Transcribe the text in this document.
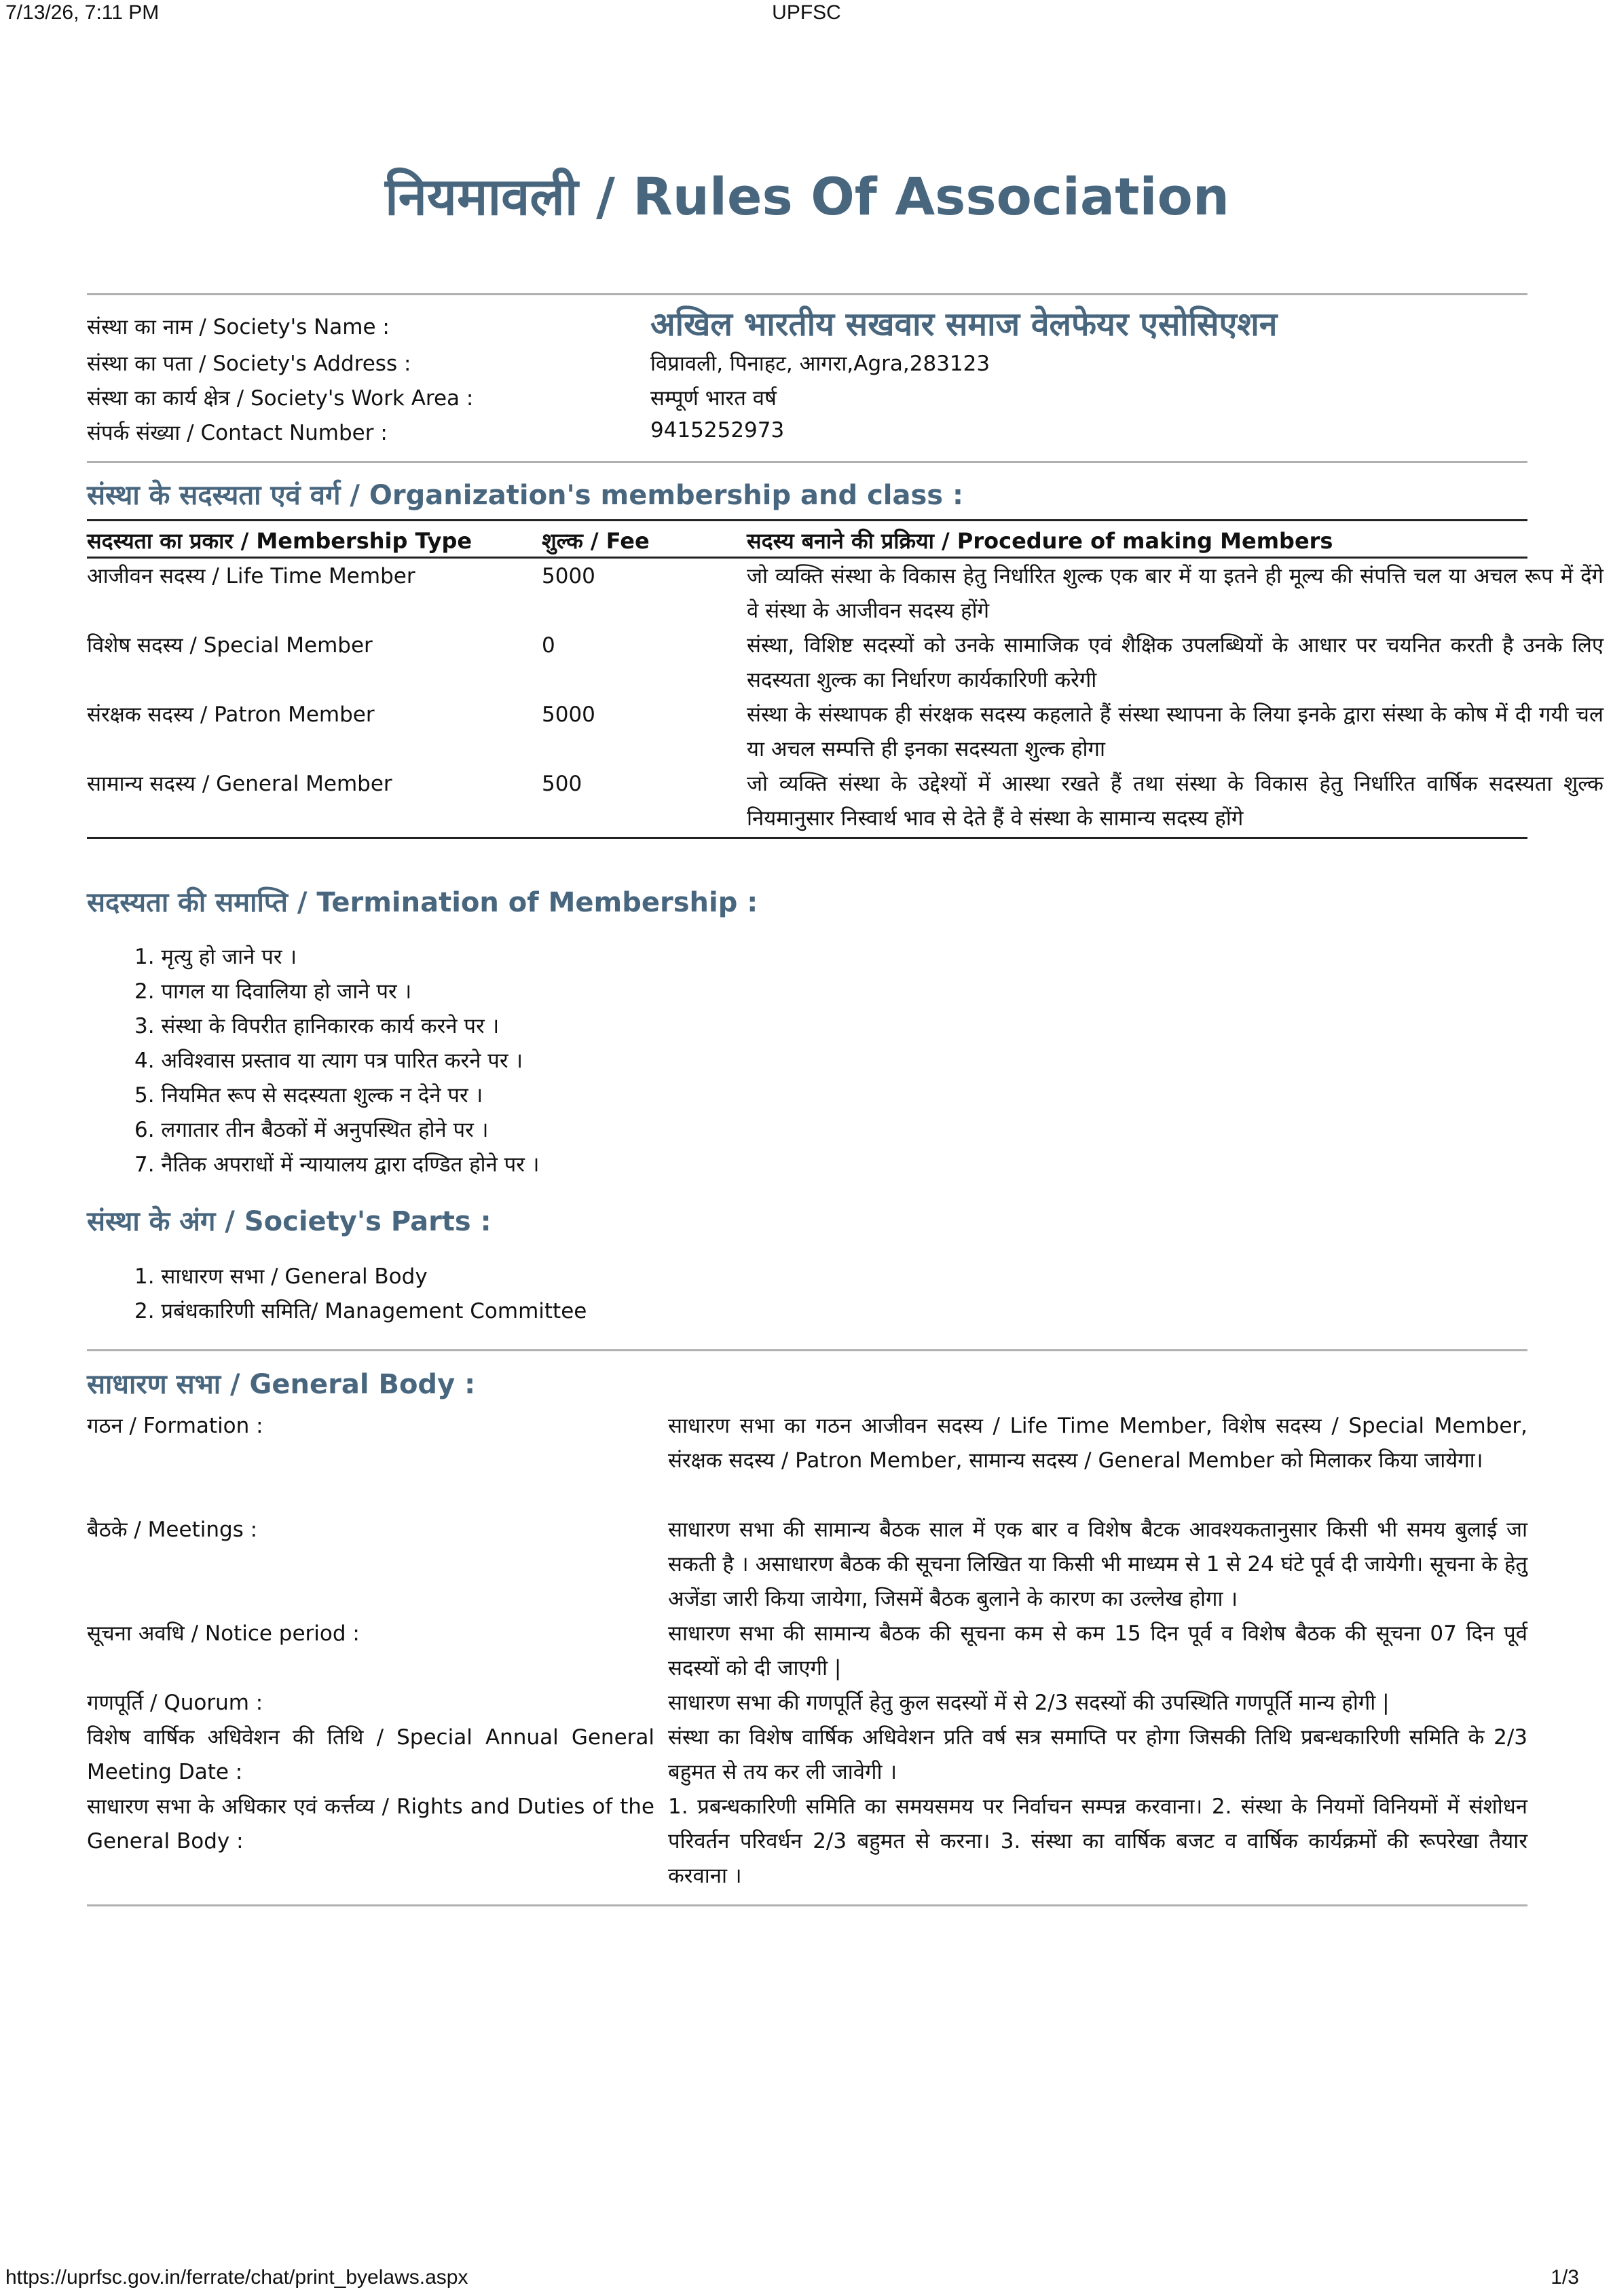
7/13/26, 7:11 PM	UPFSC
नियमावली / Rules Of Association
संस्था का नाम / Society's Name :	अखिल भारतीय सखवार समाज वेलफेयर एसोसिएशन
संस्था का पता / Society's Address :	विप्रावली, पिनाहट, आगरा,Agra,283123
संस्था का कार्य क्षेत्र / Society's Work Area :	सम्पूर्ण भारत वर्ष
संपर्क संख्या / Contact Number :	9415252973
संस्था के सदस्यता एवं वर्ग / Organization's membership and class :
सदस्यता का प्रकार / Membership Type	शुल्क / Fee	सदस्य बनाने की प्रक्रिया / Procedure of making Members
आजीवन सदस्य / Life Time Member	5000	जो व्यक्ति संस्था के विकास हेतु निर्धारित शुल्क एक बार में या इतने ही मूल्य की संपत्ति चल या अचल रूप में देंगे वे संस्था के आजीवन सदस्य होंगे
विशेष सदस्य / Special Member	0	संस्था, विशिष्ट सदस्यों को उनके सामाजिक एवं शैक्षिक उपलब्धियों के आधार पर चयनित करती है उनके लिए सदस्यता शुल्क का निर्धारण कार्यकारिणी करेगी
संरक्षक सदस्य / Patron Member	5000	संस्था के संस्थापक ही संरक्षक सदस्य कहलाते हैं संस्था स्थापना के लिया इनके द्वारा संस्था के कोष में दी गयी चल या अचल सम्पत्ति ही इनका सदस्यता शुल्क होगा
सामान्य सदस्य / General Member	500	जो व्यक्ति संस्था के उद्देश्यों में आस्था रखते हैं तथा संस्था के विकास हेतु निर्धारित वार्षिक सदस्यता शुल्क नियमानुसार निस्वार्थ भाव से देते हैं वे संस्था के सामान्य सदस्य होंगे
सदस्यता की समाप्ति / Termination of Membership :
1. मृत्यु हो जाने पर ।
2. पागल या दिवालिया हो जाने पर ।
3. संस्था के विपरीत हानिकारक कार्य करने पर ।
4. अविश्वास प्रस्ताव या त्याग पत्र पारित करने पर ।
5. नियमित रूप से सदस्यता शुल्क न देने पर ।
6. लगातार तीन बैठकों में अनुपस्थित होने पर ।
7. नैतिक अपराधों में न्यायालय द्वारा दण्डित होने पर ।
संस्था के अंग / Society's Parts :
1. साधारण सभा / General Body
2. प्रबंधकारिणी समिति/ Management Committee
साधारण सभा / General Body :
गठन / Formation :	साधारण सभा का गठन आजीवन सदस्य / Life Time Member, विशेष सदस्य / Special Member, संरक्षक सदस्य / Patron Member, सामान्य सदस्य / General Member को मिलाकर किया जायेगा।
बैठके / Meetings :	साधारण सभा की सामान्य बैठक साल में एक बार व विशेष बैटक आवश्यकतानुसार किसी भी समय बुलाई जा सकती है । असाधारण बैठक की सूचना लिखित या किसी भी माध्यम से 1 से 24 घंटे पूर्व दी जायेगी। सूचना के हेतु अजेंडा जारी किया जायेगा, जिसमें बैठक बुलाने के कारण का उल्लेख होगा ।
सूचना अवधि / Notice period :	साधारण सभा की सामान्य बैठक की सूचना कम से कम 15 दिन पूर्व व विशेष बैठक की सूचना 07 दिन पूर्व सदस्यों को दी जाएगी |
गणपूर्ति / Quorum :	साधारण सभा की गणपूर्ति हेतु कुल सदस्यों में से 2/3 सदस्यों की उपस्थिति गणपूर्ति मान्य होगी |
विशेष वार्षिक अधिवेशन की तिथि / Special Annual General Meeting Date :
संस्था का विशेष वार्षिक अधिवेशन प्रति वर्ष सत्र समाप्ति पर होगा जिसकी तिथि प्रबन्धकारिणी समिति के 2/3 बहुमत से तय कर ली जावेगी ।
साधारण सभा के अधिकार एवं कर्त्तव्य / Rights and Duties of the General Body :
1. प्रबन्धकारिणी समिति का समयसमय पर निर्वाचन सम्पन्न करवाना। 2. संस्था के नियमों विनियमों में संशोधन परिवर्तन परिवर्धन 2/3 बहुमत से करना। 3. संस्था का वार्षिक बजट व वार्षिक कार्यक्रमों की रूपरेखा तैयार करवाना ।
https://uprfsc.gov.in/ferrate/chat/print_byelaws.aspx	1/3
